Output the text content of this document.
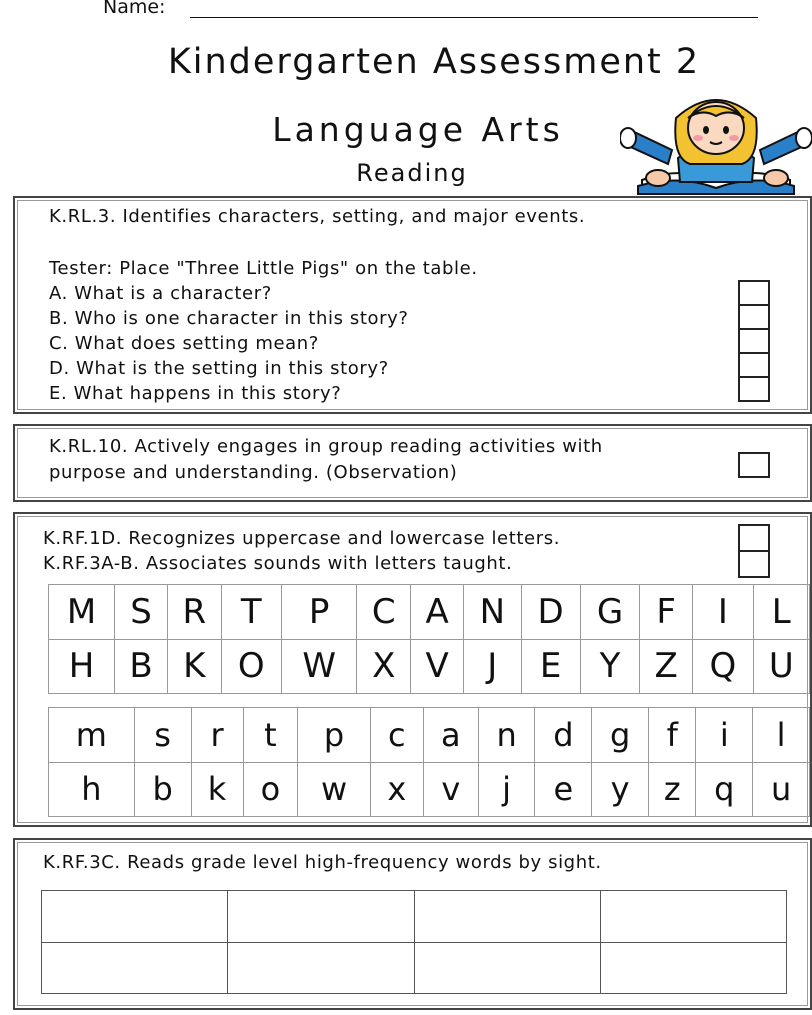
Name:
Kindergarten Assessment 2
Language Arts
Reading
K.RL.3. Identifies characters, setting, and major events.
Tester: Place "Three Little Pigs" on the table.
A. What is a character?
B. Who is one character in this story?
C. What does setting mean?
D. What is the setting in this story?
E. What happens in this story?
K.RL.10. Actively engages in group reading activities with
purpose and understanding. (Observation)
K.RF.1D. Recognizes uppercase and lowercase letters.
K.RF.3A-B. Associates sounds with letters taught.
M	S	R	T	P	C	A	N	D	G	F	I	L
H	B	K	O	W	X	V	J	E	Y	Z	Q	U
m	s	r	t	p	c	a	n	d	g	f	i	l
h	b	k	o	w	x	v	j	e	y	z	q	u
K.RF.3C. Reads grade level high-frequency words by sight.
